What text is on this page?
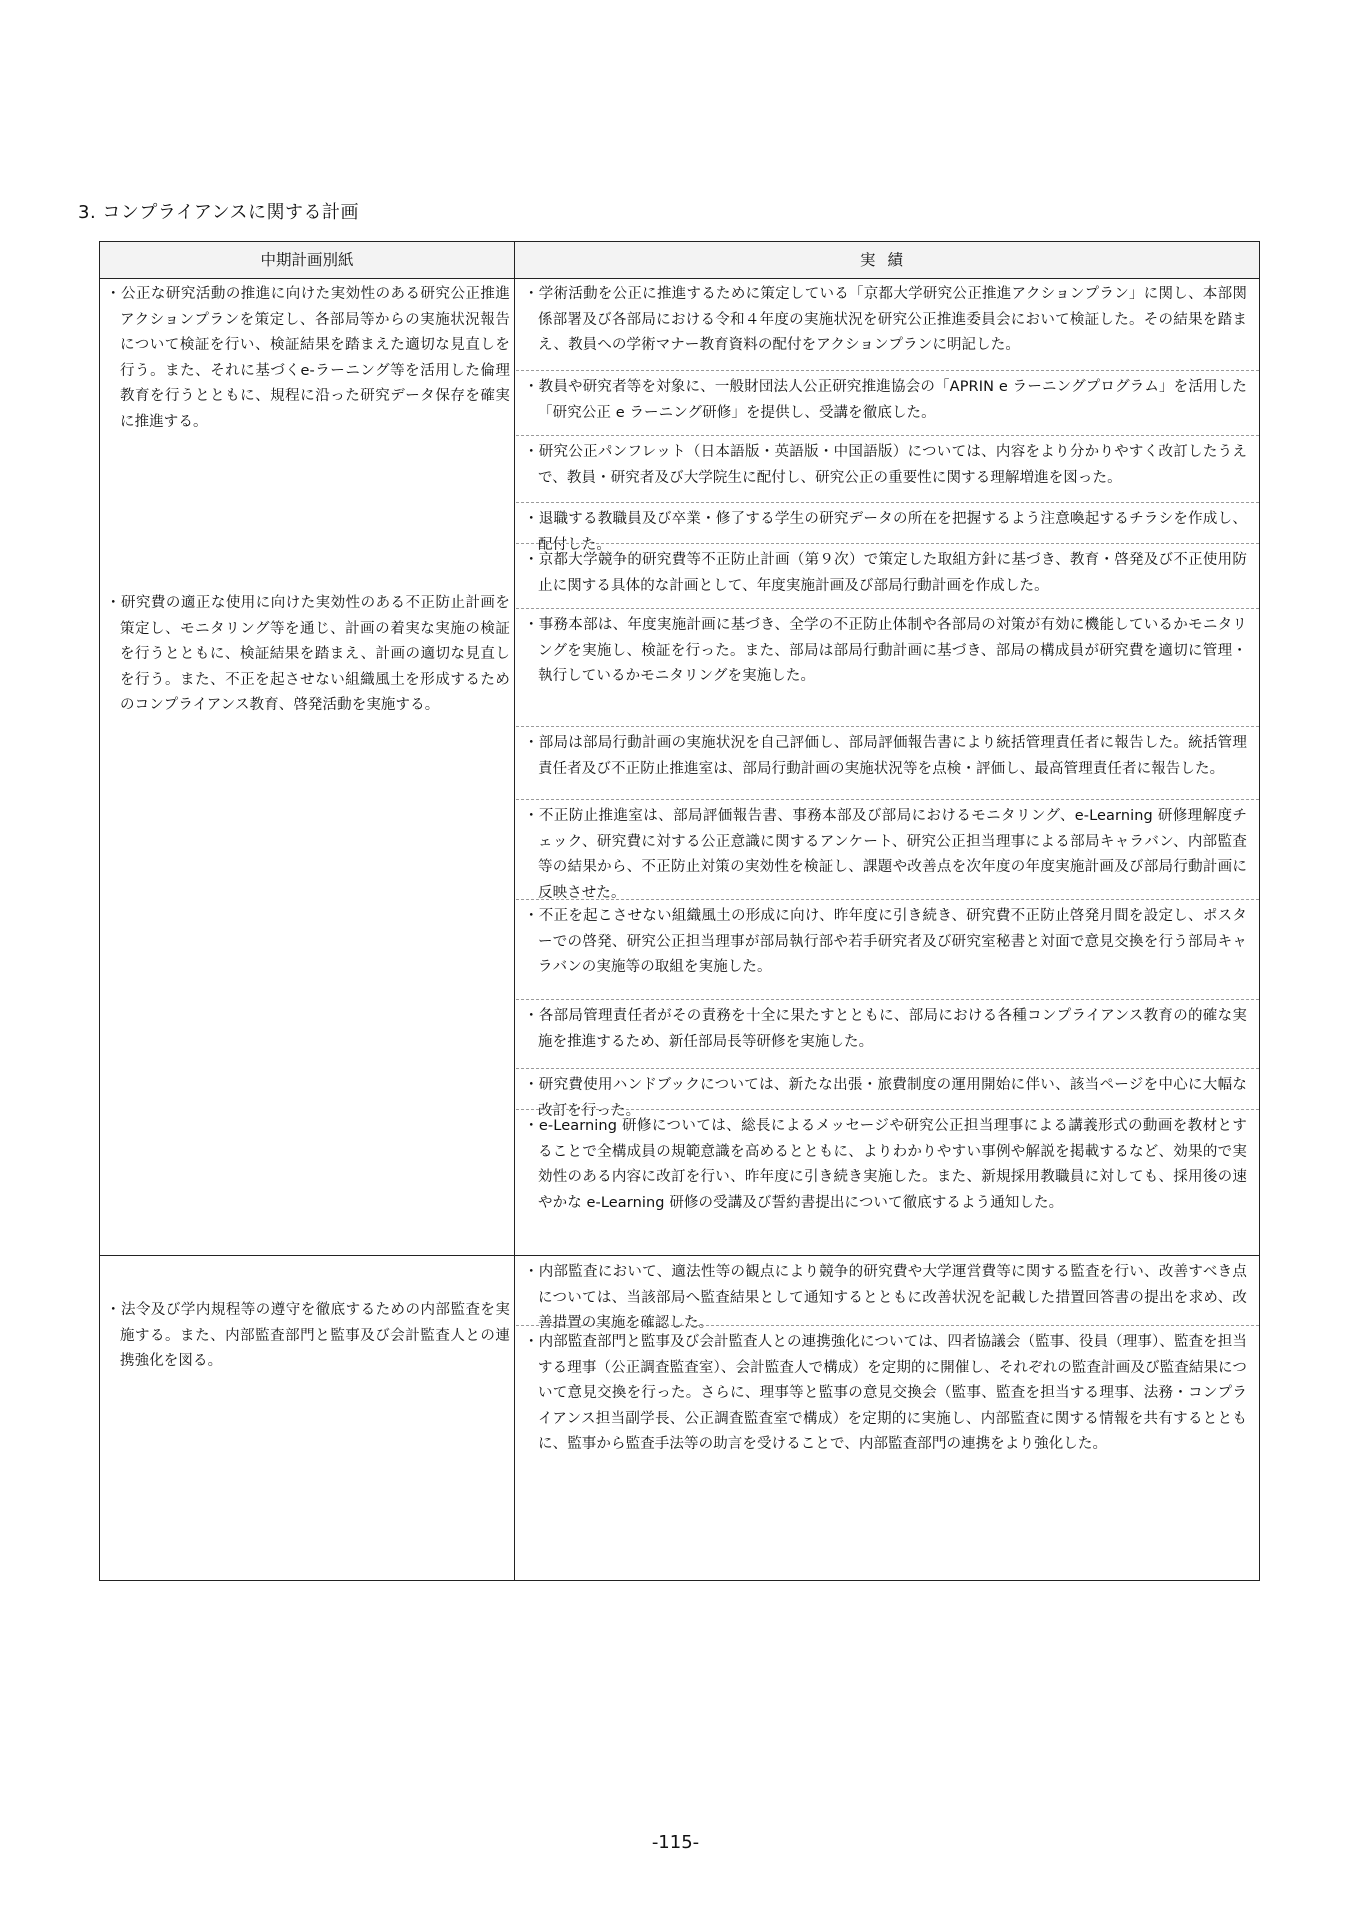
3. コンプライアンスに関する計画
中期計画別紙	実績
・公正な研究活動の推進に向けた実効性のある研究公正推進アクションプランを策定し、各部局等からの実施状況報告について検証を行い、検証結果を踏まえた適切な見直しを行う。また、それに基づくe-ラーニング等を活用した倫理教育を行うとともに、規程に沿った研究データ保存を確実に推進する。
・研究費の適正な使用に向けた実効性のある不正防止計画を策定し、モニタリング等を通じ、計画の着実な実施の検証を行うとともに、検証結果を踏まえ、計画の適切な見直しを行う。また、不正を起させない組織風土を形成するためのコンプライアンス教育、啓発活動を実施する。
・法令及び学内規程等の遵守を徹底するための内部監査を実施する。また、内部監査部門と監事及び会計監査人との連携強化を図る。
・学術活動を公正に推進するために策定している「京都大学研究公正推進アクションプラン」に関し、本部関係部署及び各部局における令和４年度の実施状況を研究公正推進委員会において検証した。その結果を踏まえ、教員への学術マナー教育資料の配付をアクションプランに明記した。
・教員や研究者等を対象に、一般財団法人公正研究推進協会の「APRIN e ラーニングプログラム」を活用した「研究公正 e ラーニング研修」を提供し、受講を徹底した。
・研究公正パンフレット（日本語版・英語版・中国語版）については、内容をより分かりやすく改訂したうえで、教員・研究者及び大学院生に配付し、研究公正の重要性に関する理解増進を図った。
・退職する教職員及び卒業・修了する学生の研究データの所在を把握するよう注意喚起するチラシを作成し、配付した。
・京都大学競争的研究費等不正防止計画（第９次）で策定した取組方針に基づき、教育・啓発及び不正使用防止に関する具体的な計画として、年度実施計画及び部局行動計画を作成した。
・事務本部は、年度実施計画に基づき、全学の不正防止体制や各部局の対策が有効に機能しているかモニタリングを実施し、検証を行った。また、部局は部局行動計画に基づき、部局の構成員が研究費を適切に管理・執行しているかモニタリングを実施した。
・部局は部局行動計画の実施状況を自己評価し、部局評価報告書により統括管理責任者に報告した。統括管理責任者及び不正防止推進室は、部局行動計画の実施状況等を点検・評価し、最高管理責任者に報告した。
・不正防止推進室は、部局評価報告書、事務本部及び部局におけるモニタリング、e-Learning 研修理解度チェック、研究費に対する公正意識に関するアンケート、研究公正担当理事による部局キャラバン、内部監査等の結果から、不正防止対策の実効性を検証し、課題や改善点を次年度の年度実施計画及び部局行動計画に反映させた。
・不正を起こさせない組織風土の形成に向け、昨年度に引き続き、研究費不正防止啓発月間を設定し、ポスターでの啓発、研究公正担当理事が部局執行部や若手研究者及び研究室秘書と対面で意見交換を行う部局キャラバンの実施等の取組を実施した。
・各部局管理責任者がその責務を十全に果たすとともに、部局における各種コンプライアンス教育の的確な実施を推進するため、新任部局長等研修を実施した。
・研究費使用ハンドブックについては、新たな出張・旅費制度の運用開始に伴い、該当ページを中心に大幅な改訂を行った。
・e-Learning 研修については、総長によるメッセージや研究公正担当理事による講義形式の動画を教材とすることで全構成員の規範意識を高めるとともに、よりわかりやすい事例や解説を掲載するなど、効果的で実効性のある内容に改訂を行い、昨年度に引き続き実施した。また、新規採用教職員に対しても、採用後の速やかな e-Learning 研修の受講及び誓約書提出について徹底するよう通知した。
・内部監査において、適法性等の観点により競争的研究費や大学運営費等に関する監査を行い、改善すべき点については、当該部局へ監査結果として通知するとともに改善状況を記載した措置回答書の提出を求め、改善措置の実施を確認した。
・内部監査部門と監事及び会計監査人との連携強化については、四者協議会（監事、役員（理事）、監査を担当する理事（公正調査監査室）、会計監査人で構成）を定期的に開催し、それぞれの監査計画及び監査結果について意見交換を行った。さらに、理事等と監事の意見交換会（監事、監査を担当する理事、法務・コンプライアンス担当副学長、公正調査監査室で構成）を定期的に実施し、内部監査に関する情報を共有するとともに、監事から監査手法等の助言を受けることで、内部監査部門の連携をより強化した。
-115-
